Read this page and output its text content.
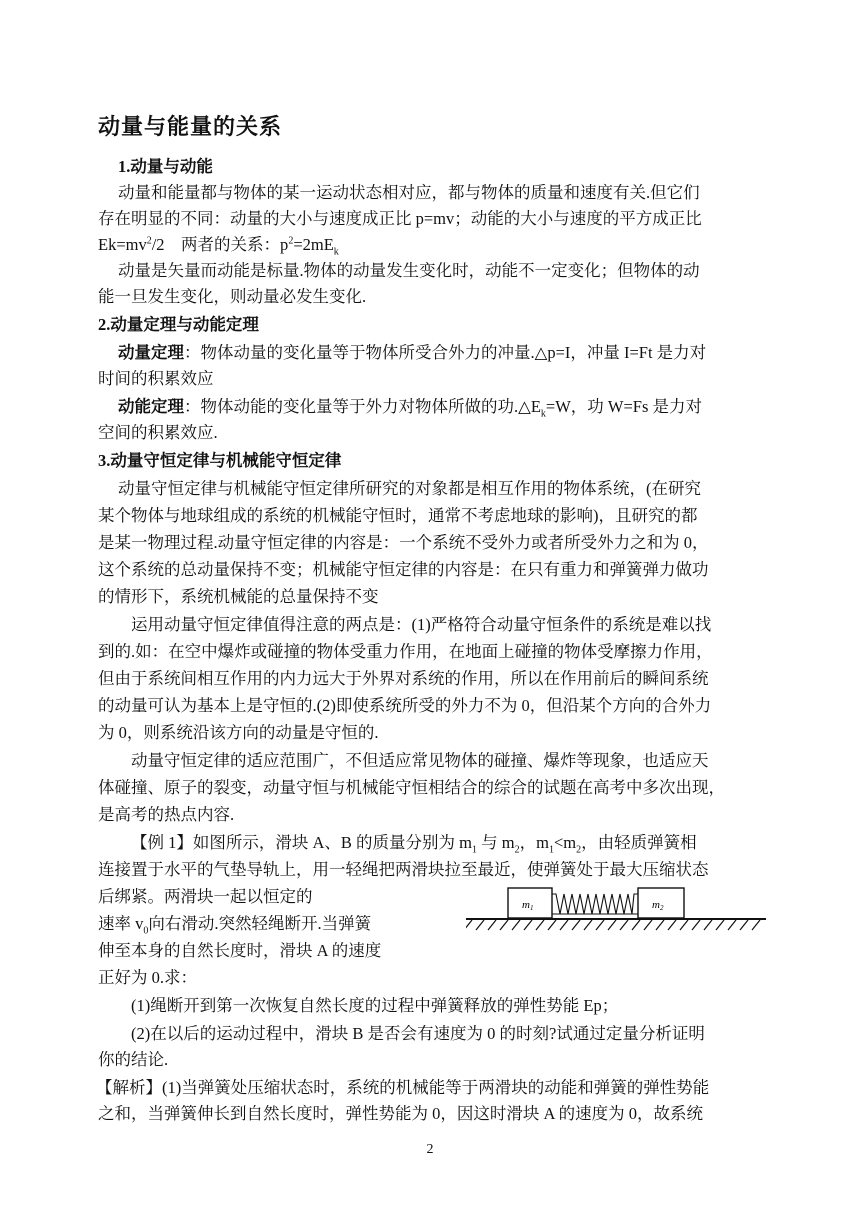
动量与能量的关系
1.动量与动能
动量和能量都与物体的某一运动状态相对应，都与物体的质量和速度有关.但它们
存在明显的不同：动量的大小与速度成正比 p=mv；动能的大小与速度的平方成正比
$Ek=mv^2/2$    两者的关系：$p^2=2mE_k$
动量是矢量而动能是标量.物体的动量发生变化时，动能不一定变化；但物体的动
能一旦发生变化，则动量必发生变化.
2.动量定理与动能定理
动量定理：物体动量的变化量等于物体所受合外力的冲量.△p=I，冲量 I=Ft 是力对
时间的积累效应
动能定理：物体动能的变化量等于外力对物体所做的功$.\triangle E_k=W$，功 W=Fs 是力对
空间的积累效应.
3.动量守恒定律与机械能守恒定律
动量守恒定律与机械能守恒定律所研究的对象都是相互作用的物体系统，(在研究
某个物体与地球组成的系统的机械能守恒时，通常不考虑地球的影响)，且研究的都
是某一物理过程.动量守恒定律的内容是：一个系统不受外力或者所受外力之和为 0，
这个系统的总动量保持不变；机械能守恒定律的内容是：在只有重力和弹簧弹力做功
的情形下，系统机械能的总量保持不变
运用动量守恒定律值得注意的两点是：(1)严格符合动量守恒条件的系统是难以找
到的.如：在空中爆炸或碰撞的物体受重力作用，在地面上碰撞的物体受摩擦力作用，
但由于系统间相互作用的内力远大于外界对系统的作用，所以在作用前后的瞬间系统
的动量可认为基本上是守恒的.(2)即使系统所受的外力不为 0，但沿某个方向的合外力
为 0，则系统沿该方向的动量是守恒的.
动量守恒定律的适应范围广，不但适应常见物体的碰撞、爆炸等现象，也适应天
体碰撞、原子的裂变，动量守恒与机械能守恒相结合的综合的试题在高考中多次出现，
是高考的热点内容.
【例 1】如图所示，滑块 A、B 的质量分别为 $m_1$ 与 $m_2$，$m_1<m_2$，由轻质弹簧相
连接置于水平的气垫导轨上，用一轻绳把两滑块拉至最近，使弹簧处于最大压缩状态
后绑紧。两滑块一起以恒定的
速率 $v_0$向右滑动.突然轻绳断开.当弹簧
伸至本身的自然长度时，滑块 A 的速度
正好为 0.求：
(1)绳断开到第一次恢复自然长度的过程中弹簧释放的弹性势能 Ep；
(2)在以后的运动过程中，滑块 B 是否会有速度为 0 的时刻?试通过定量分析证明
你的结论.
m1	m2
【解析】(1)当弹簧处压缩状态时，系统的机械能等于两滑块的动能和弹簧的弹性势能
之和，当弹簧伸长到自然长度时，弹性势能为 0，因这时滑块 A 的速度为 0，故系统
2
